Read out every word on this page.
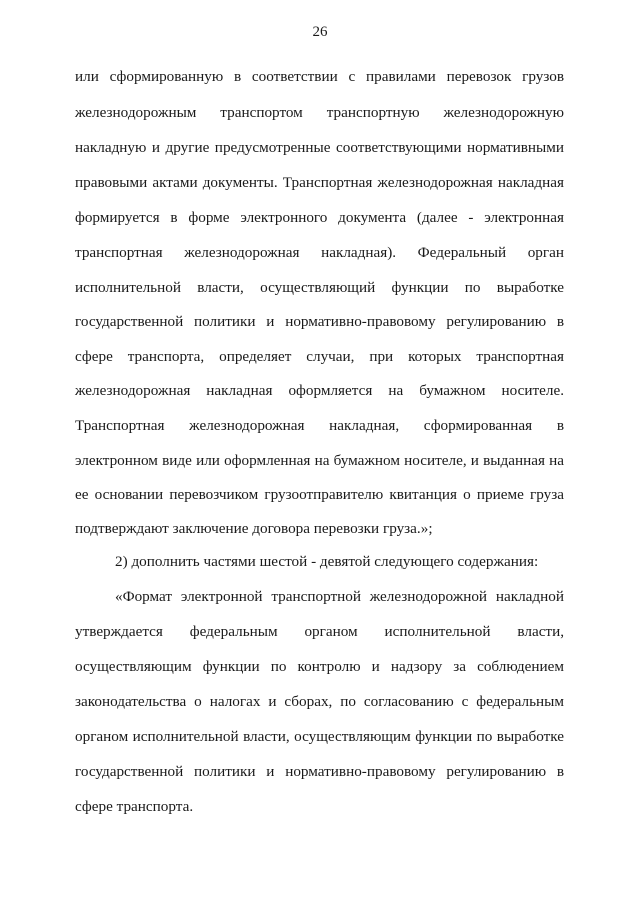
26
или сформированную в соответствии с правилами перевозок грузов
железнодорожным транспортом транспортную железнодорожную
накладную и другие предусмотренные соответствующими нормативными
правовыми актами документы. Транспортная железнодорожная накладная
формируется в форме электронного документа (далее - электронная
транспортная железнодорожная накладная). Федеральный орган
исполнительной власти, осуществляющий функции по выработке
государственной политики и нормативно-правовому регулированию в
сфере транспорта, определяет случаи, при которых транспортная
железнодорожная накладная оформляется на бумажном носителе.
Транспортная железнодорожная накладная, сформированная в
электронном виде или оформленная на бумажном носителе, и выданная на
ее основании перевозчиком грузоотправителю квитанция о приеме груза
подтверждают заключение договора перевозки груза.»;
2) дополнить частями шестой - девятой следующего содержания:
«Формат электронной транспортной железнодорожной накладной
утверждается федеральным органом исполнительной власти,
осуществляющим функции по контролю и надзору за соблюдением
законодательства о налогах и сборах, по согласованию с федеральным
органом исполнительной власти, осуществляющим функции по выработке
государственной политики и нормативно-правовому регулированию в
сфере транспорта.
